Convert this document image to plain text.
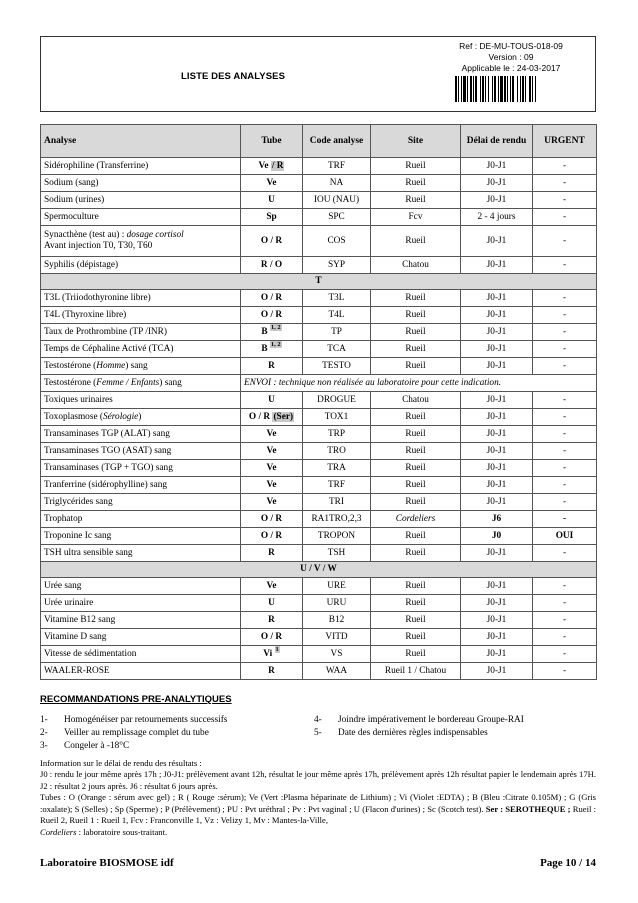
LISTE DES ANALYSES
Ref : DE-MU-TOUS-018-09
Version : 09
Applicable le : 24-03-2017
Analyse	Tube	Code analyse	Site	Délai de rendu	URGENT
Sidérophiline (Transferrine)	Ve / R	TRF	Rueil	J0-J1	-
Sodium (sang)	Ve	NA	Rueil	J0-J1	-
Sodium (urines)	U	IOU (NAU)	Rueil	J0-J1	-
Spermoculture	Sp	SPC	Fcv	2 - 4 jours	-
Synacthène (test au) : dosage cortisol
Avant injection T0, T30, T60	O / R	COS	Rueil	J0-J1	-
Syphilis (dépistage)	R / O	SYP	Chatou	J0-J1	-
T					
T3L (Triiodothyronine libre)	O / R	T3L	Rueil	J0-J1	-
T4L (Thyroxine libre)	O / R	T4L	Rueil	J0-J1	-
Taux de Prothrombine (TP /INR)	B $^{1, 2}$	TP	Rueil	J0-J1	-
Temps de Céphaline Activé (TCA)	B $^{1, 2}$	TCA	Rueil	J0-J1	-
Testostérone (Homme) sang	R	TESTO	Rueil	J0-J1	-
Testostérone (Femme / Enfants) sang	ENVOI : technique non réalisée au laboratoire pour cette indication.				
Toxiques urinaires	U	DROGUE	Chatou	J0-J1	-
Toxoplasmose (Sérologie)	O / R (Ser)	TOX1	Rueil	J0-J1	-
Transaminases TGP (ALAT) sang	Ve	TRP	Rueil	J0-J1	-
Transaminases TGO (ASAT) sang	Ve	TRO	Rueil	J0-J1	-
Transaminases (TGP + TGO) sang	Ve	TRA	Rueil	J0-J1	-
Tranferrine (sidérophylline) sang	Ve	TRF	Rueil	J0-J1	-
Triglycérides sang	Ve	TRI	Rueil	J0-J1	-
Trophatop	O / R	RA1TRO,2,3	Cordeliers	J6	-
Troponine Ic sang	O / R	TROPON	Rueil	J0	OUI
TSH ultra sensible sang	R	TSH	Rueil	J0-J1	-
U / V / W					
Urée sang	Ve	URE	Rueil	J0-J1	-
Urée urinaire	U	URU	Rueil	J0-J1	-
Vitamine B12 sang	R	B12	Rueil	J0-J1	-
Vitamine D sang	O / R	VITD	Rueil	J0-J1	-
Vitesse de sédimentation	Vi $^1$	VS	Rueil	J0-J1	-
WAALER-ROSE	R	WAA	Rueil 1 / Chatou	J0-J1	-
RECOMMANDATIONS PRE-ANALYTIQUES
1-	Homogénéiser par retournements successifs
2-	Veiller au remplissage complet du tube
3-	Congeler à -18°C
4-	Joindre impérativement le bordereau Groupe-RAI
5-	Date des dernières règles indispensables
Information sur le délai de rendu des résultats :
J0 : rendu le jour même après 17h ; J0-J1: prélèvement avant 12h, résultat le jour même après 17h, prélèvement après 12h résultat papier le lendemain après 17H. J2 : résultat 2 jours après. J6 : résultat 6 jours après.
Tubes : O (Orange : sérum avec gel) ; R ( Rouge :sérum); Ve (Vert :Plasma héparinate de Lithium) ; Vi (Violet :EDTA) ; B (Bleu :Citrate 0.105M) ; G (Gris :oxalate); S (Selles) ; Sp (Sperme) ; P (Prélèvement) ; PU : Pvt uréthral ; Pv : Pvt vaginal ; U (Flacon d'urines) ; Sc (Scotch test). Ser : SEROTHEQUE ; Rueil : Rueil 2, Rueil 1 : Rueil 1, Fcv : Franconville 1, Vz : Velizy 1, Mv : Mantes-la-Ville,
Cordeliers : laboratoire sous-traitant.
Laboratoire BIOSMOSE idf	Page 10 / 14
